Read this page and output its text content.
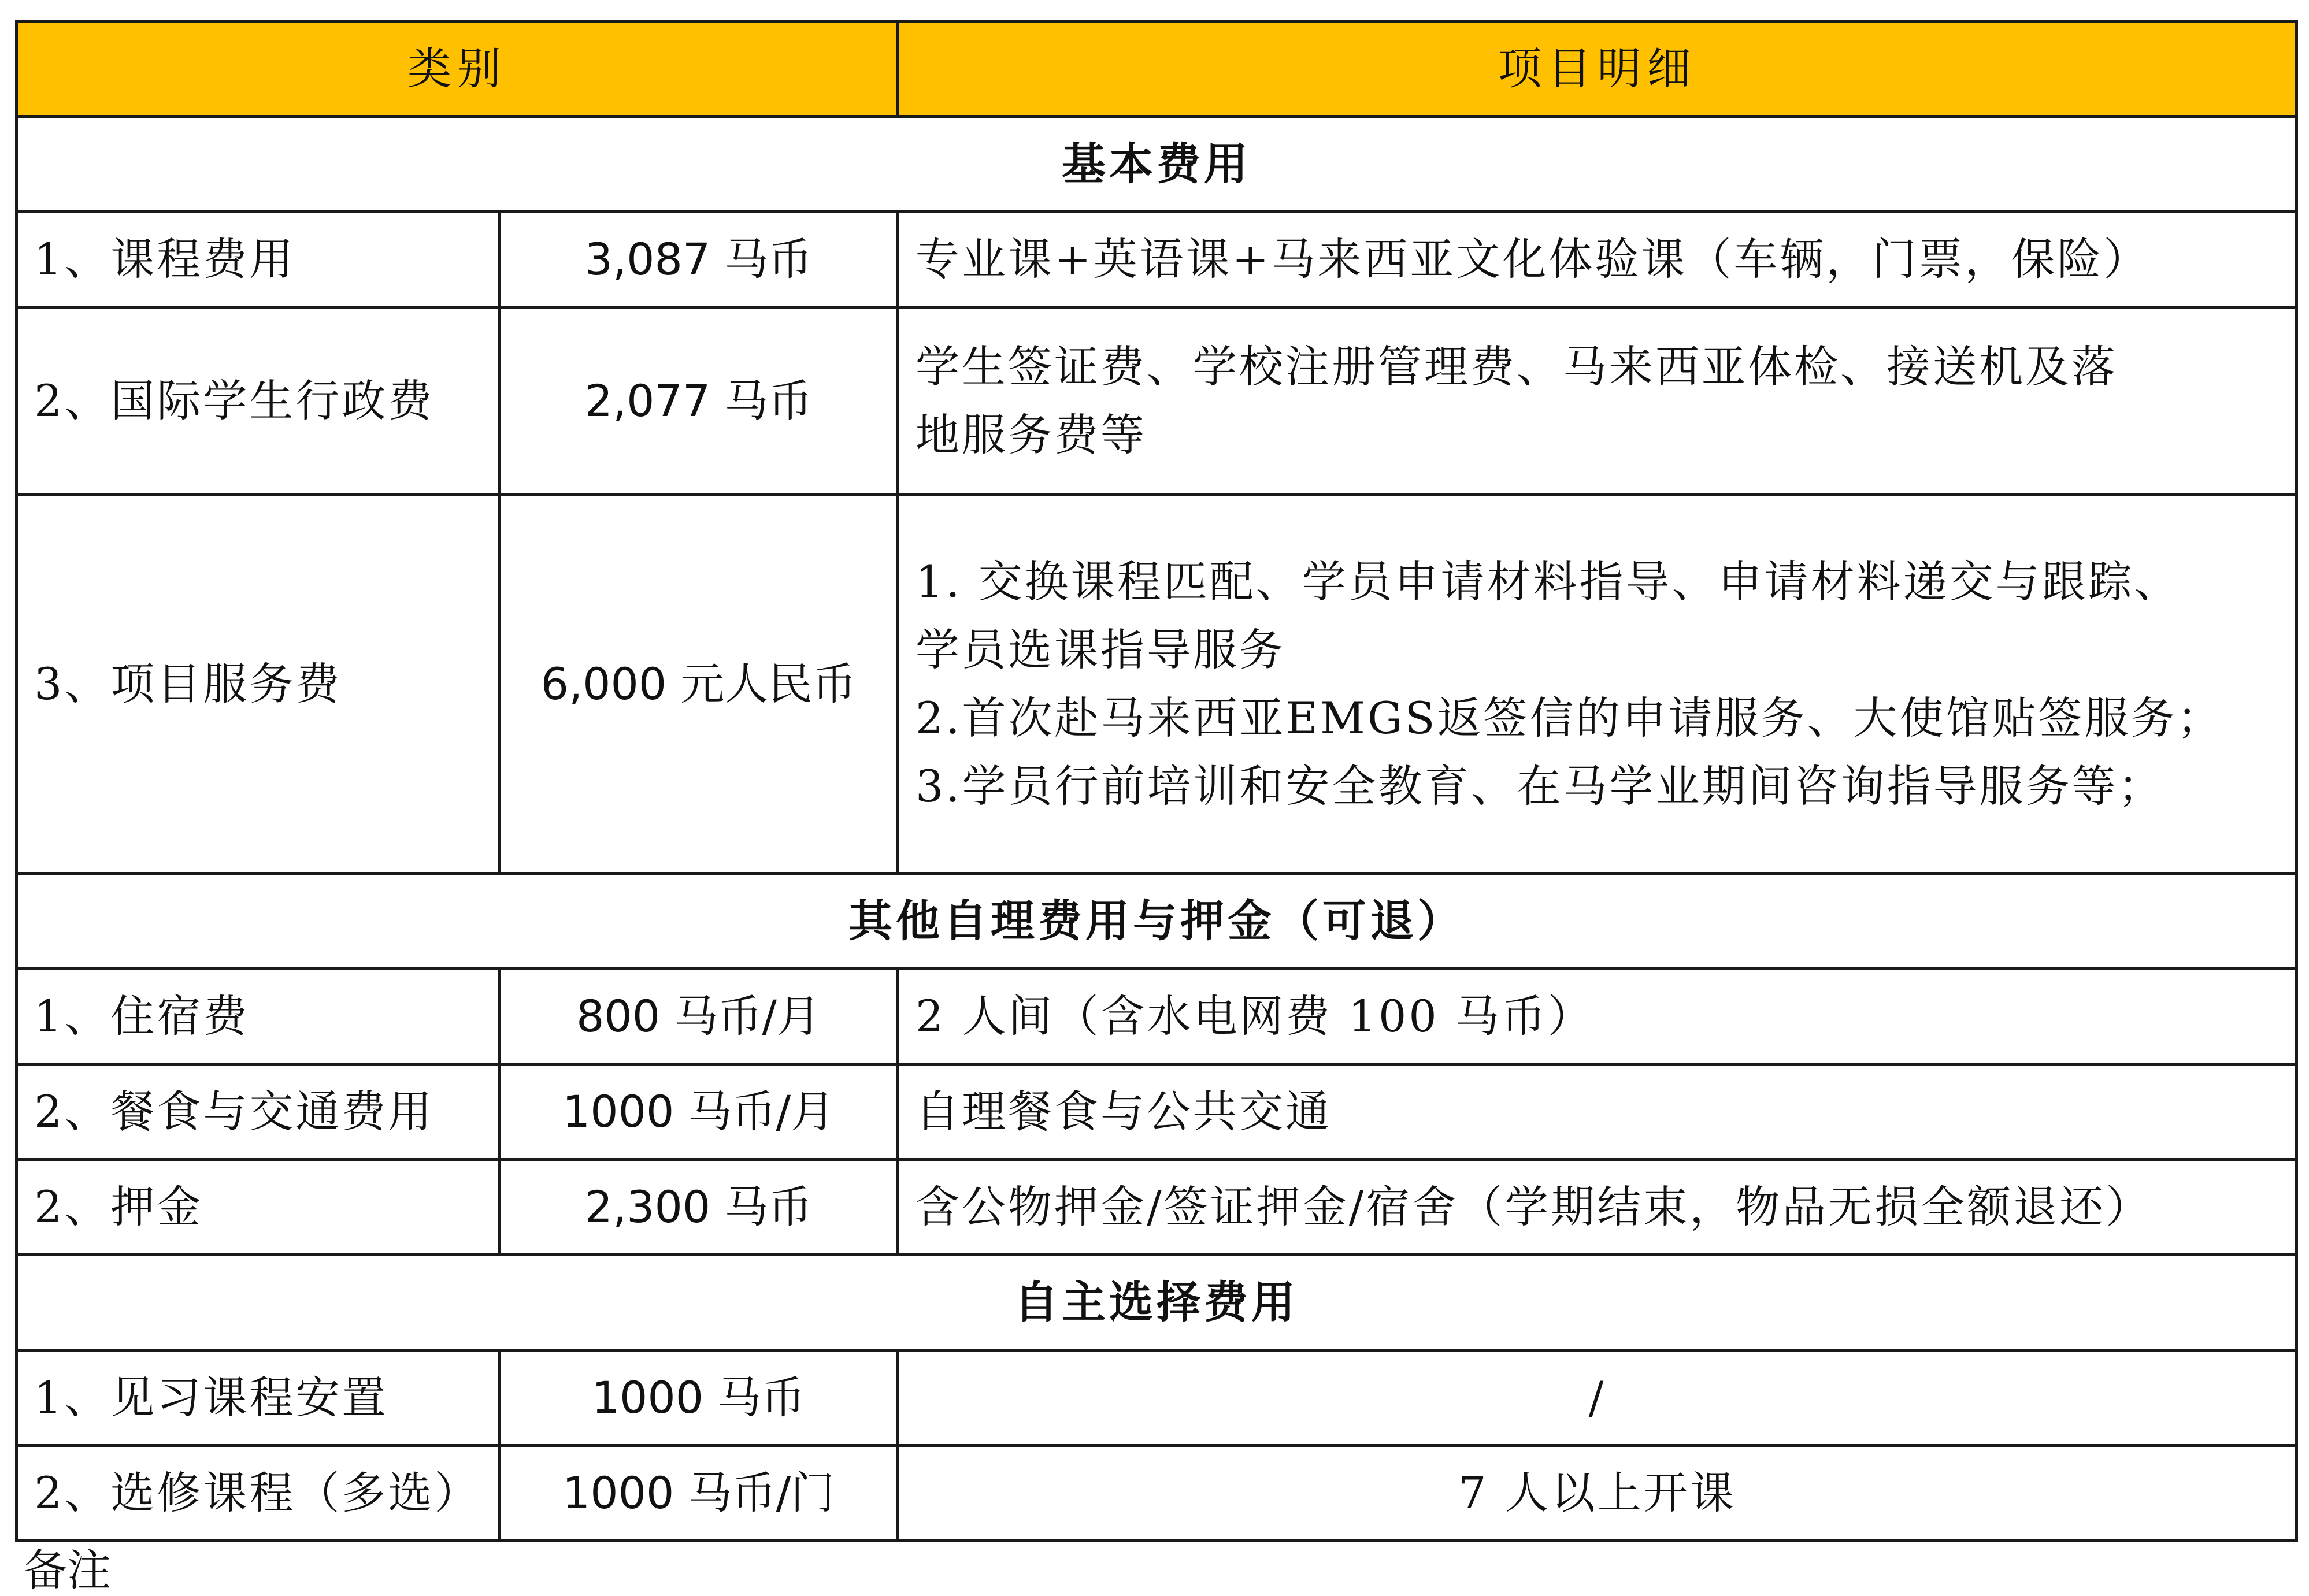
类别		项目明细
基本费用		
1、课程费用	3,087 马币	专业课+英语课+马来西亚文化体验课（车辆，门票，保险）

2、国际学生行政费	2,077 马币	学生签证费、学校注册管理费、马来西亚体检、接送机及落
地服务费等

3、项目服务费	6,000 元人民币	1. 交换课程匹配、学员申请材料指导、申请材料递交与跟踪、
学员选课指导服务
2.首次赴马来西亚EMGS返签信的申请服务、大使馆贴签服务；
3.学员行前培训和安全教育、在马学业期间咨询指导服务等；

其他自理费用与押金（可退）		
1、住宿费	800 马币/月	2 人间（含水电网费 100 马币）

2、餐食与交通费用	1000 马币/月	自理餐食与公共交通

2、押金	2,300 马币	含公物押金/签证押金/宿舍（学期结束，物品无损全额退还）

自主选择费用		
1、见习课程安置	1000 马币	/

2、选修课程（多选）	1000 马币/门	7 人以上开课
备注
